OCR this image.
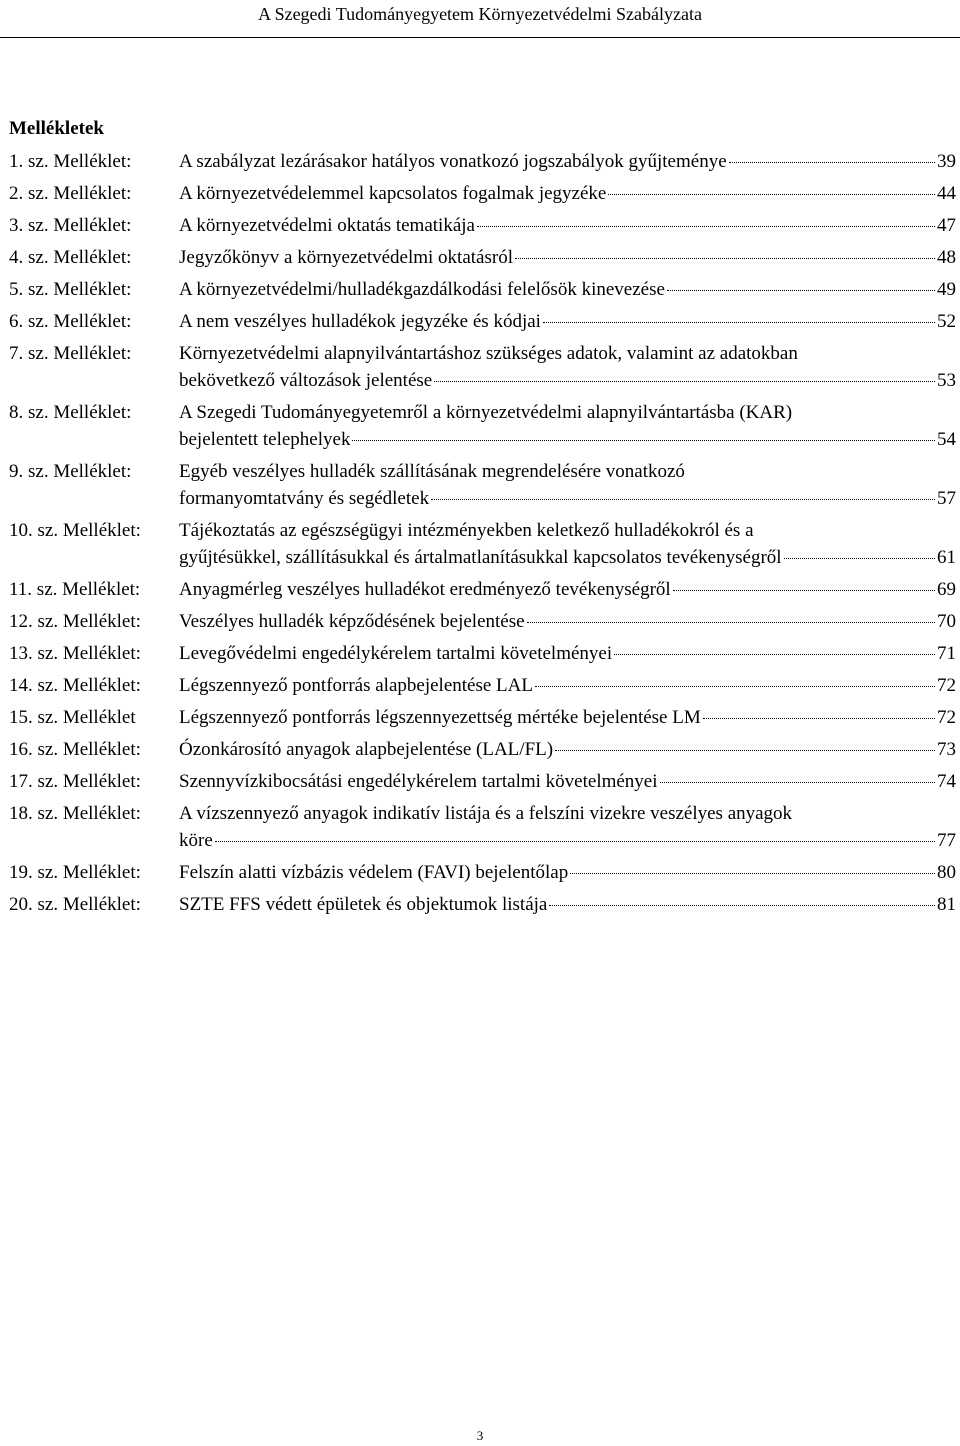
A Szegedi Tudományegyetem Környezetvédelmi Szabályzata
Mellékletek
1. sz. Melléklet:	A szabályzat lezárásakor hatályos vonatkozó jogszabályok gyűjteménye	39
2. sz. Melléklet:	A környezetvédelemmel kapcsolatos fogalmak jegyzéke	44
3. sz. Melléklet:	A környezetvédelmi oktatás tematikája	47
4. sz. Melléklet:	Jegyzőkönyv a környezetvédelmi oktatásról	48
5. sz. Melléklet:	A környezetvédelmi/hulladékgazdálkodási felelősök kinevezése	49
6. sz. Melléklet:	A nem veszélyes hulladékok jegyzéke és kódjai	52
7. sz. Melléklet:	Környezetvédelmi alapnyilvántartáshoz szükséges adatok, valamint az adatokban
bekövetkező változások jelentése	53
8. sz. Melléklet:	A Szegedi Tudományegyetemről a környezetvédelmi alapnyilvántartásba (KAR)
bejelentett telephelyek	54
9. sz. Melléklet:	Egyéb veszélyes hulladék szállításának megrendelésére vonatkozó
formanyomtatvány és segédletek	57
10. sz. Melléklet: Tájékoztatás az egészségügyi intézményekben keletkező hulladékokról és a
gyűjtésükkel, szállításukkal és ártalmatlanításukkal kapcsolatos tevékenységről	61
11. sz. Melléklet: Anyagmérleg veszélyes hulladékot eredményező tevékenységről	69
12. sz. Melléklet: Veszélyes hulladék képződésének bejelentése	70
13. sz. Melléklet: Levegővédelmi engedélykérelem tartalmi követelményei	71
14. sz. Melléklet: Légszennyező pontforrás alapbejelentése LAL	72
15. sz. Melléklet Légszennyező pontforrás légszennyezettség mértéke bejelentése LM	72
16. sz. Melléklet: Ózonkárosító anyagok alapbejelentése (LAL/FL)	73
17. sz. Melléklet: Szennyvízkibocsátási engedélykérelem tartalmi követelményei	74
18. sz. Melléklet: A vízszennyező anyagok indikatív listája és a felszíni vizekre veszélyes anyagok
köre	77
19. sz. Melléklet: Felszín alatti vízbázis védelem (FAVI) bejelentőlap	80
20. sz. Melléklet: SZTE FFS védett épületek és objektumok listája	81
3
